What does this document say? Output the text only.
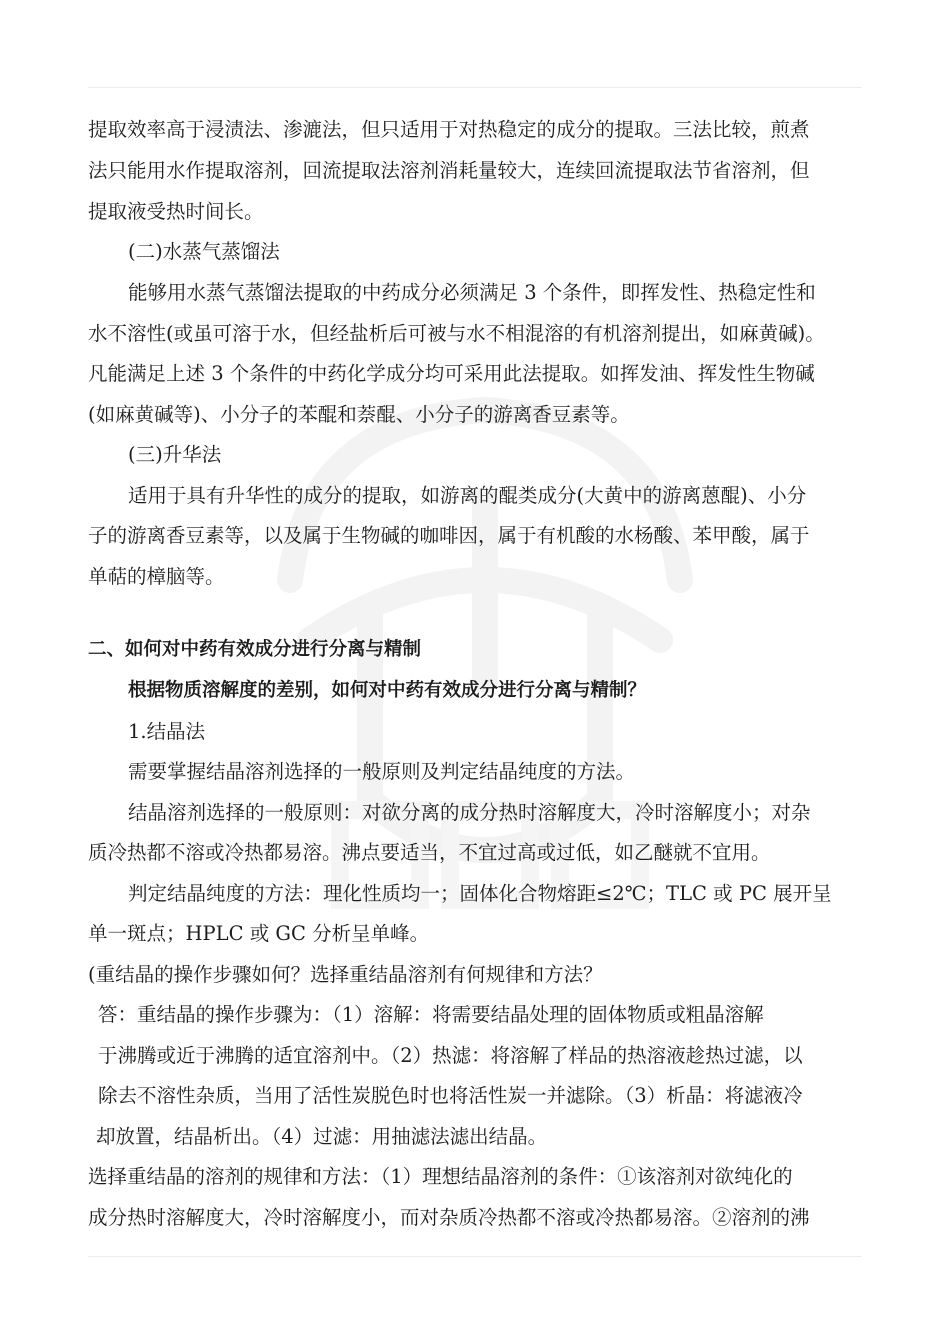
提取效率高于浸渍法、渗漉法，但只适用于对热稳定的成分的提取。三法比较，煎煮
法只能用水作提取溶剂，回流提取法溶剂消耗量较大，连续回流提取法节省溶剂，但
提取液受热时间长。
(二)水蒸气蒸馏法
能够用水蒸气蒸馏法提取的中药成分必须满足 3 个条件，即挥发性、热稳定性和
水不溶性(或虽可溶于水，但经盐析后可被与水不相混溶的有机溶剂提出，如麻黄碱)。
凡能满足上述 3 个条件的中药化学成分均可采用此法提取。如挥发油、挥发性生物碱
(如麻黄碱等)、小分子的苯醌和萘醌、小分子的游离香豆素等。
(三)升华法
适用于具有升华性的成分的提取，如游离的醌类成分(大黄中的游离蒽醌)、小分
子的游离香豆素等，以及属于生物碱的咖啡因，属于有机酸的水杨酸、苯甲酸，属于
单萜的樟脑等。
二、如何对中药有效成分进行分离与精制
根据物质溶解度的差别，如何对中药有效成分进行分离与精制？
1.结晶法
需要掌握结晶溶剂选择的一般原则及判定结晶纯度的方法。
结晶溶剂选择的一般原则：对欲分离的成分热时溶解度大，冷时溶解度小；对杂
质冷热都不溶或冷热都易溶。沸点要适当，不宜过高或过低，如乙醚就不宜用。
判定结晶纯度的方法：理化性质均一；固体化合物熔距≤2℃；TLC 或 PC 展开呈
单一斑点；HPLC 或 GC 分析呈单峰。
(重结晶的操作步骤如何？选择重结晶溶剂有何规律和方法？
答：重结晶的操作步骤为：（1）溶解：将需要结晶处理的固体物质或粗晶溶解
于沸腾或近于沸腾的适宜溶剂中。（2）热滤：将溶解了样品的热溶液趁热过滤，以
除去不溶性杂质，当用了活性炭脱色时也将活性炭一并滤除。（3）析晶：将滤液冷
却放置，结晶析出。（4）过滤：用抽滤法滤出结晶。
选择重结晶的溶剂的规律和方法：（1）理想结晶溶剂的条件：①该溶剂对欲纯化的
成分热时溶解度大，冷时溶解度小，而对杂质冷热都不溶或冷热都易溶。②溶剂的沸
